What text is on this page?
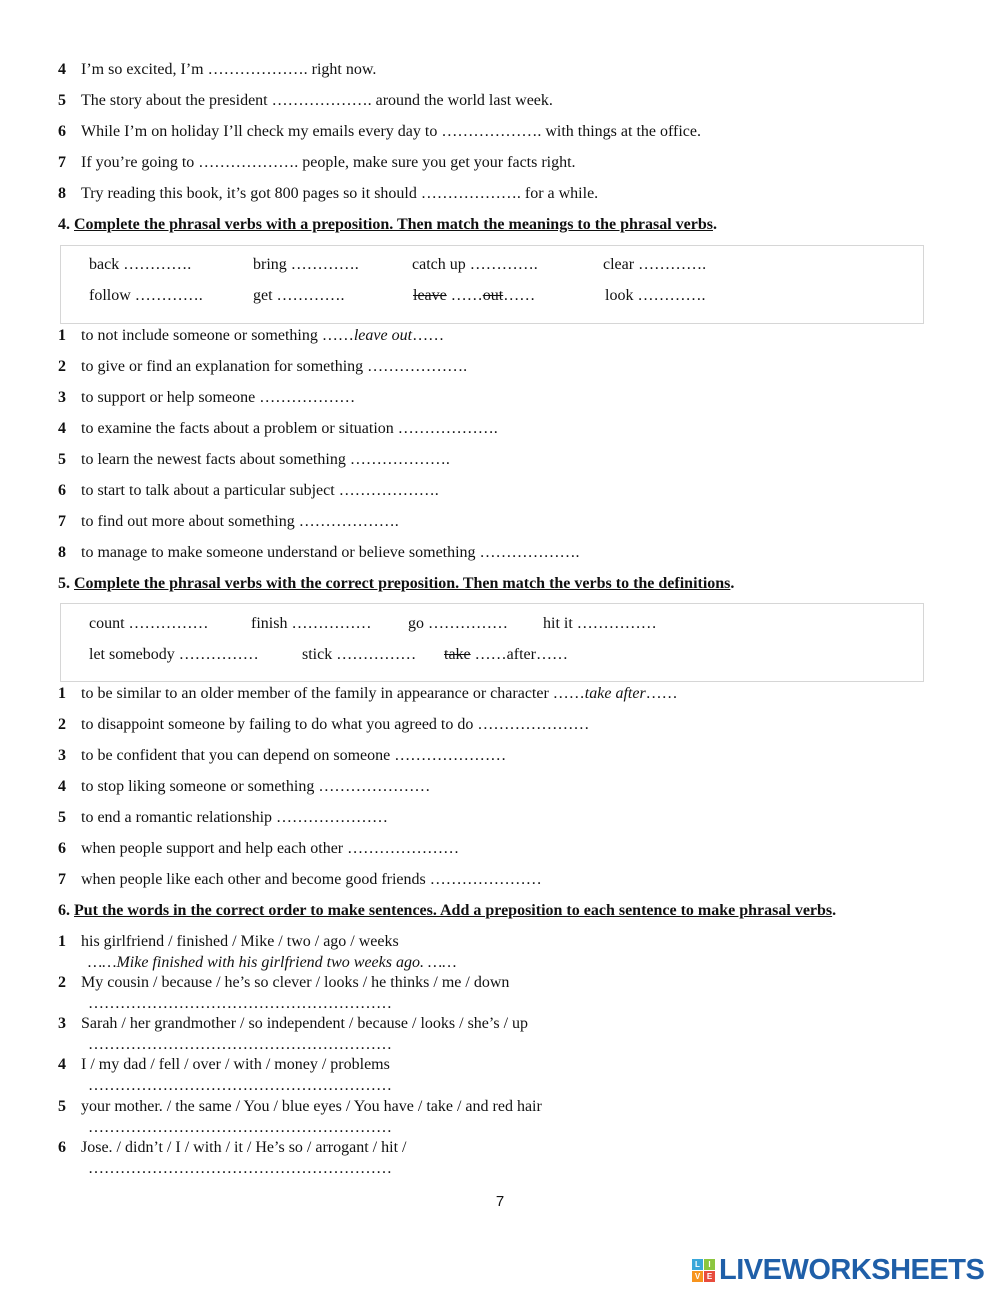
4 I’m so excited, I’m ………………. right now.
5 The story about the president ………………. around the world last week.
6 While I’m on holiday I’ll check my emails every day to ………………. with things at the office.
7 If you’re going to ………………. people, make sure you get your facts right.
8 Try reading this book, it’s got 800 pages so it should ………………. for a while.
4. Complete the phrasal verbs with a preposition. Then match the meanings to the phrasal verbs.
back ………….	bring ………….	catch up ………….	clear ………….
follow ………….	get ………….	leave ……out……	look ………….
1 to not include someone or something ……leave out……
2 to give or find an explanation for something ……………….
3 to support or help someone ………………
4 to examine the facts about a problem or situation ……………….
5 to learn the newest facts about something ……………….
6 to start to talk about a particular subject ……………….
7 to find out more about something ……………….
8 to manage to make someone understand or believe something ……………….
5. Complete the phrasal verbs with the correct preposition. Then match the verbs to the definitions.
count ……………	finish …………… go …………… hit it ……………
let somebody ……………	stick …………… take ……after……
1 to be similar to an older member of the family in appearance or character ……take after……
2 to disappoint someone by failing to do what you agreed to do …………………
3 to be confident that you can depend on someone …………………
4 to stop liking someone or something …………………
5 to end a romantic relationship …………………
6 when people support and help each other …………………
7 when people like each other and become good friends …………………
6. Put the words in the correct order to make sentences. Add a preposition to each sentence to make phrasal verbs.
1 his girlfriend / finished / Mike / two / ago / weeks
……Mike finished with his girlfriend two weeks ago. ……
2 My cousin / because / he’s so clever / looks / he thinks / me / down
…………………………………………………
3 Sarah / her grandmother / so independent / because / looks / she’s / up
…………………………………………………
4 I / my dad / fell / over / with / money / problems
…………………………………………………
5 your mother. / the same / You / blue eyes / You have / take / and red hair
…………………………………………………
6 Jose. / didn’t / I / with / it / He’s so / arrogant / hit /
…………………………………………………
7
L	I
V E LIVEWORKSHEETS
